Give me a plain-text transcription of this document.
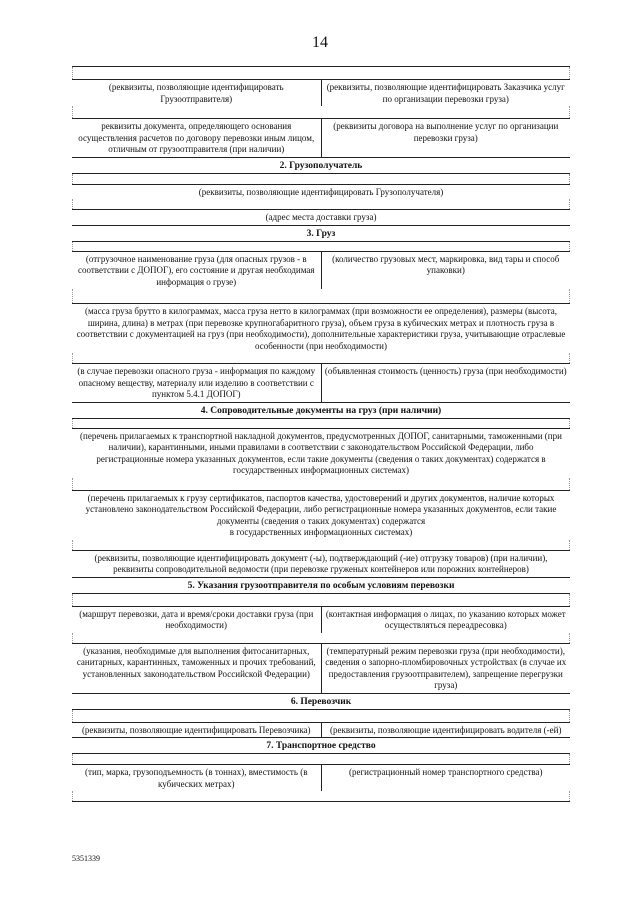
14
(реквизиты, позволяющие идентифицировать Грузоотправителя)
(реквизиты, позволяющие идентифицировать Заказчика услуг по организации перевозки груза)
реквизиты документа, определяющего основания осуществления расчетов по договору перевозки иным лицом, отличным от грузоотправителя (при наличии)
(реквизиты договора на выполнение услуг по организации перевозки груза)
2. Грузополучатель
(реквизиты, позволяющие идентифицировать Грузополучателя)
(адрес места доставки груза)
3. Груз
(отгрузочное наименование груза (для опасных грузов - в соответствии с ДОПОГ), его состояние и другая необходимая информация о грузе)
(количество грузовых мест, маркировка, вид тары и способ упаковки)
(масса груза брутто в килограммах, масса груза нетто в килограммах (при возможности ее определения), размеры (высота, ширина, длина) в метрах (при перевозке крупногабаритного груза), объем груза в кубических метрах и плотность груза в соответствии с документацией на груз (при необходимости), дополнительные характеристики груза, учитывающие отраслевые особенности (при необходимости)
(в случае перевозки опасного груза - информация по каждому опасному веществу, материалу или изделию в соответствии с пунктом 5.4.1 ДОПОГ)
(объявленная стоимость (ценность) груза (при необходимости)
4. Сопроводительные документы на груз (при наличии)
(перечень прилагаемых к транспортной накладной документов, предусмотренных ДОПОГ, санитарными, таможенными (при наличии), карантинными, иными правилами в соответствии с законодательством Российской Федерации, либо регистрационные номера указанных документов, если такие документы (сведения о таких документах) содержатся в государственных информационных системах)
(перечень прилагаемых к грузу сертификатов, паспортов качества, удостоверений и других документов, наличие которых установлено законодательством Российской Федерации, либо регистрационные номера указанных документов, если такие документы (сведения о таких документах) содержатся
в государственных информационных системах)
(реквизиты, позволяющие идентифицировать документ (-ы), подтверждающий (-ие) отгрузку товаров) (при наличии), реквизиты сопроводительной ведомости (при перевозке груженых контейнеров или порожних контейнеров)
5. Указания грузоотправителя по особым условиям перевозки
(маршрут перевозки, дата и время/сроки доставки груза (при необходимости)
(контактная информация о лицах, по указанию которых может осуществляться переадресовка)
(указания, необходимые для выполнения фитосанитарных, санитарных, карантинных, таможенных и прочих требований, установленных законодательством Российской Федерации)
(температурный режим перевозки груза (при необходимости), сведения о запорно-пломбировочных устройствах (в случае их предоставления грузоотправителем), запрещение перегрузки груза)
6. Перевозчик
(реквизиты, позволяющие идентифицировать Перевозчика)	(реквизиты, позволяющие идентифицировать водителя (-ей)
7. Транспортное средство
(тип, марка, грузоподъемность (в тоннах), вместимость (в кубических метрах)
(регистрационный номер транспортного средства)
5351339
